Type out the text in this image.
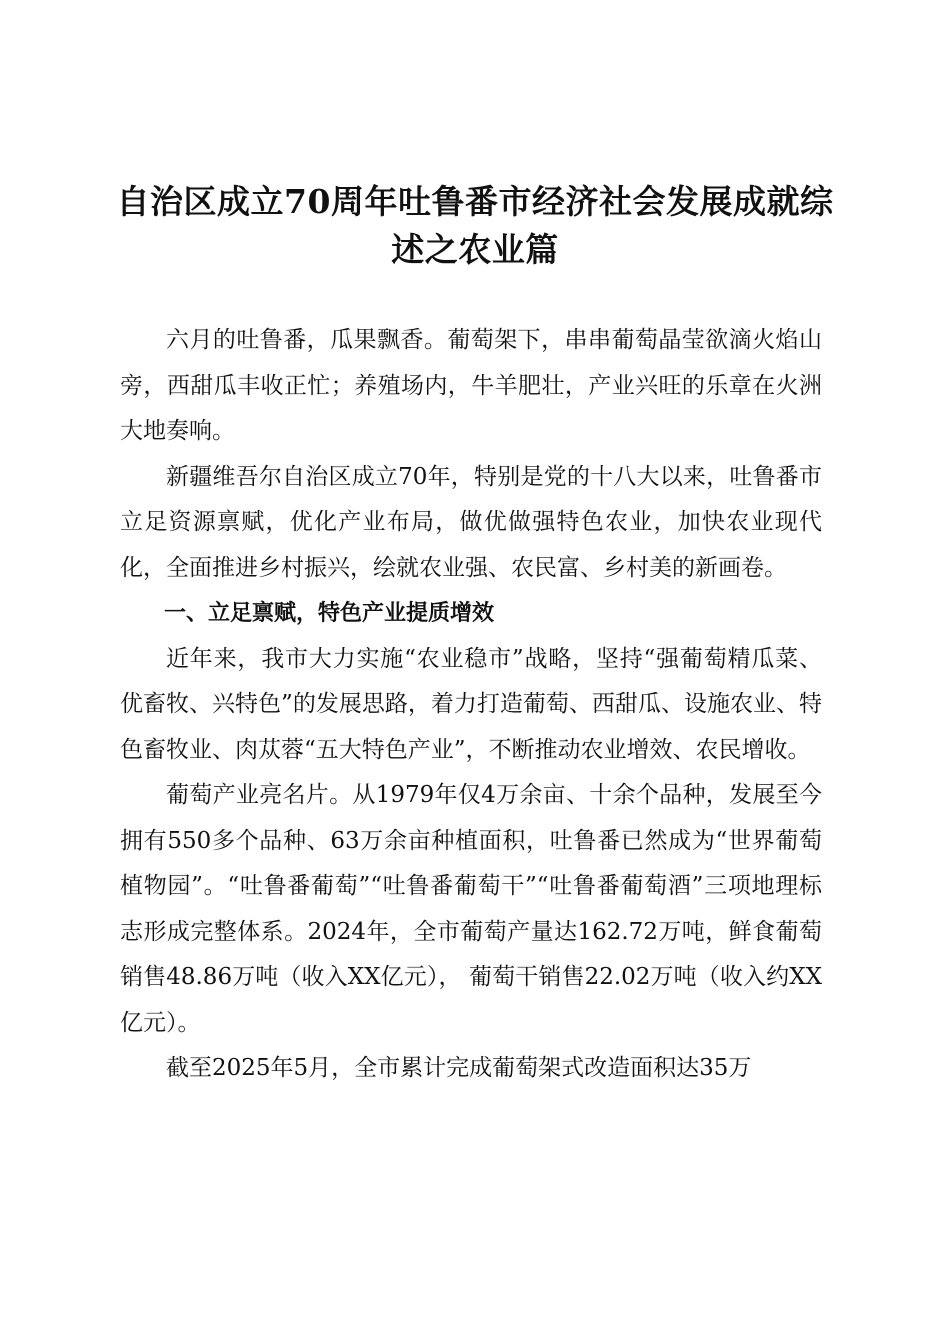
自治区成立70周年吐鲁番市经济社会发展成就综述之农业篇

六月的吐鲁番，瓜果飘香。葡萄架下，串串葡萄晶莹欲滴火焰山旁，西甜瓜丰收正忙；养殖场内，牛羊肥壮，产业兴旺的乐章在火洲大地奏响。

新疆维吾尔自治区成立70年，特别是党的十八大以来，吐鲁番市立足资源禀赋，优化产业布局，做优做强特色农业，加快农业现代化，全面推进乡村振兴，绘就农业强、农民富、乡村美的新画卷。

一、立足禀赋，特色产业提质增效

近年来，我市大力实施“农业稳市”战略，坚持“强葡萄精瓜菜、优畜牧、兴特色”的发展思路，着力打造葡萄、西甜瓜、设施农业、特色畜牧业、肉苁蓉“五大特色产业”，不断推动农业增效、农民增收。

葡萄产业亮名片。从1979年仅4万余亩、十余个品种，发展至今拥有550多个品种、63万余亩种植面积，吐鲁番已然成为“世界葡萄植物园”。“吐鲁番葡萄”“吐鲁番葡萄干”“吐鲁番葡萄酒”三项地理标志形成完整体系。2024年，全市葡萄产量达162.72万吨，鲜食葡萄销售48.86万吨（收入XX亿元）， 葡萄干销售22.02万吨（收入约XX亿元）。

截至2025年5月，全市累计完成葡萄架式改造面积达35万
